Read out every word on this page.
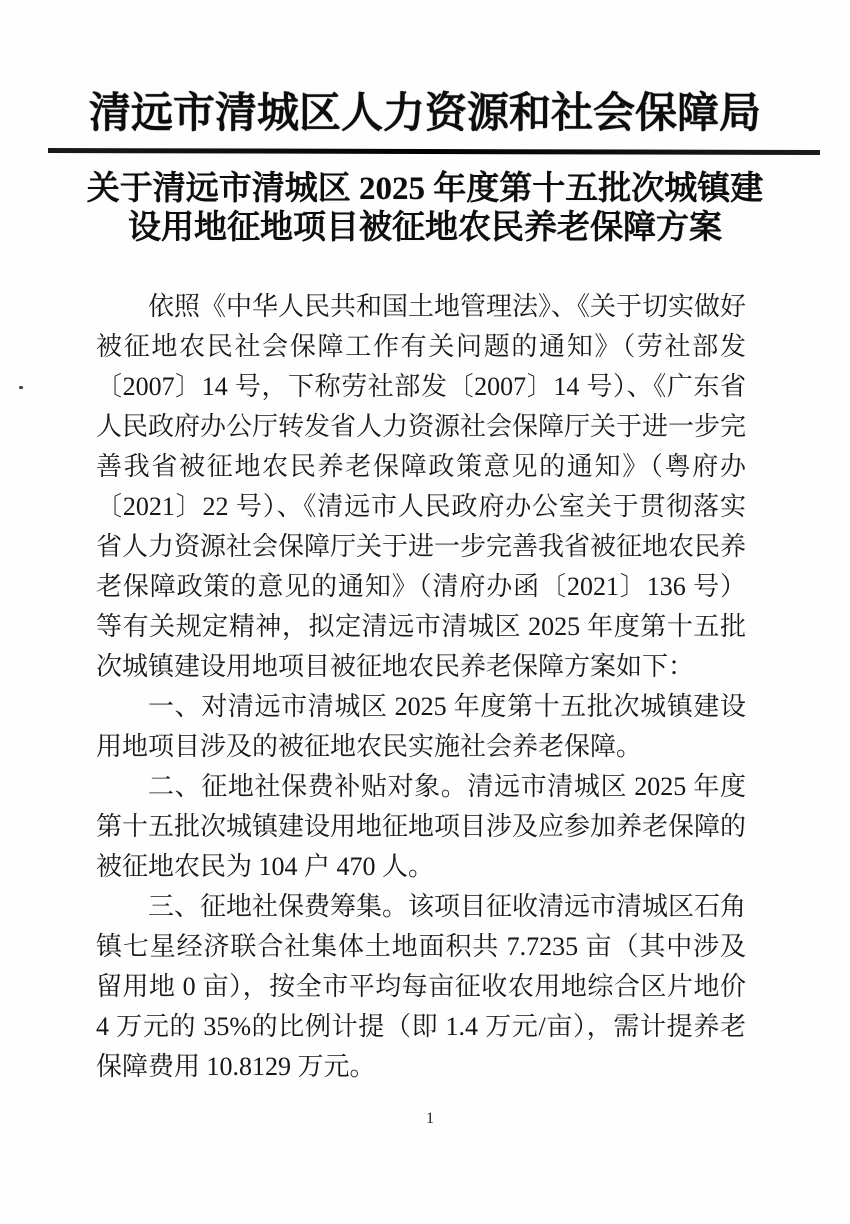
清远市清城区人力资源和社会保障局
关于清远市清城区 2025 年度第十五批次城镇建
设用地征地项目被征地农民养老保障方案

依照《中华人民共和国土地管理法》、《关于切实做好被征地农民社会保障工作有关问题的通知》（劳社部发〔2007〕14 号，下称劳社部发〔2007〕14 号）、《广东省人民政府办公厅转发省人力资源社会保障厅关于进一步完善我省被征地农民养老保障政策意见的通知》（粤府办〔2021〕22 号）、《清远市人民政府办公室关于贯彻落实省人力资源社会保障厅关于进一步完善我省被征地农民养老保障政策的意见的通知》（清府办函〔2021〕136 号）等有关规定精神，拟定清远市清城区 2025 年度第十五批次城镇建设用地项目被征地农民养老保障方案如下：

一、对清远市清城区 2025 年度第十五批次城镇建设用地项目涉及的被征地农民实施社会养老保障。

二、征地社保费补贴对象。清远市清城区 2025 年度第十五批次城镇建设用地征地项目涉及应参加养老保障的被征地农民为 104 户 470 人。

三、征地社保费筹集。该项目征收清远市清城区石角镇七星经济联合社集体土地面积共 7.7235 亩（其中涉及留用地 0 亩），按全市平均每亩征收农用地综合区片地价 4 万元的 35%的比例计提（即 1.4 万元/亩），需计提养老保障费用 10.8129 万元。

1
